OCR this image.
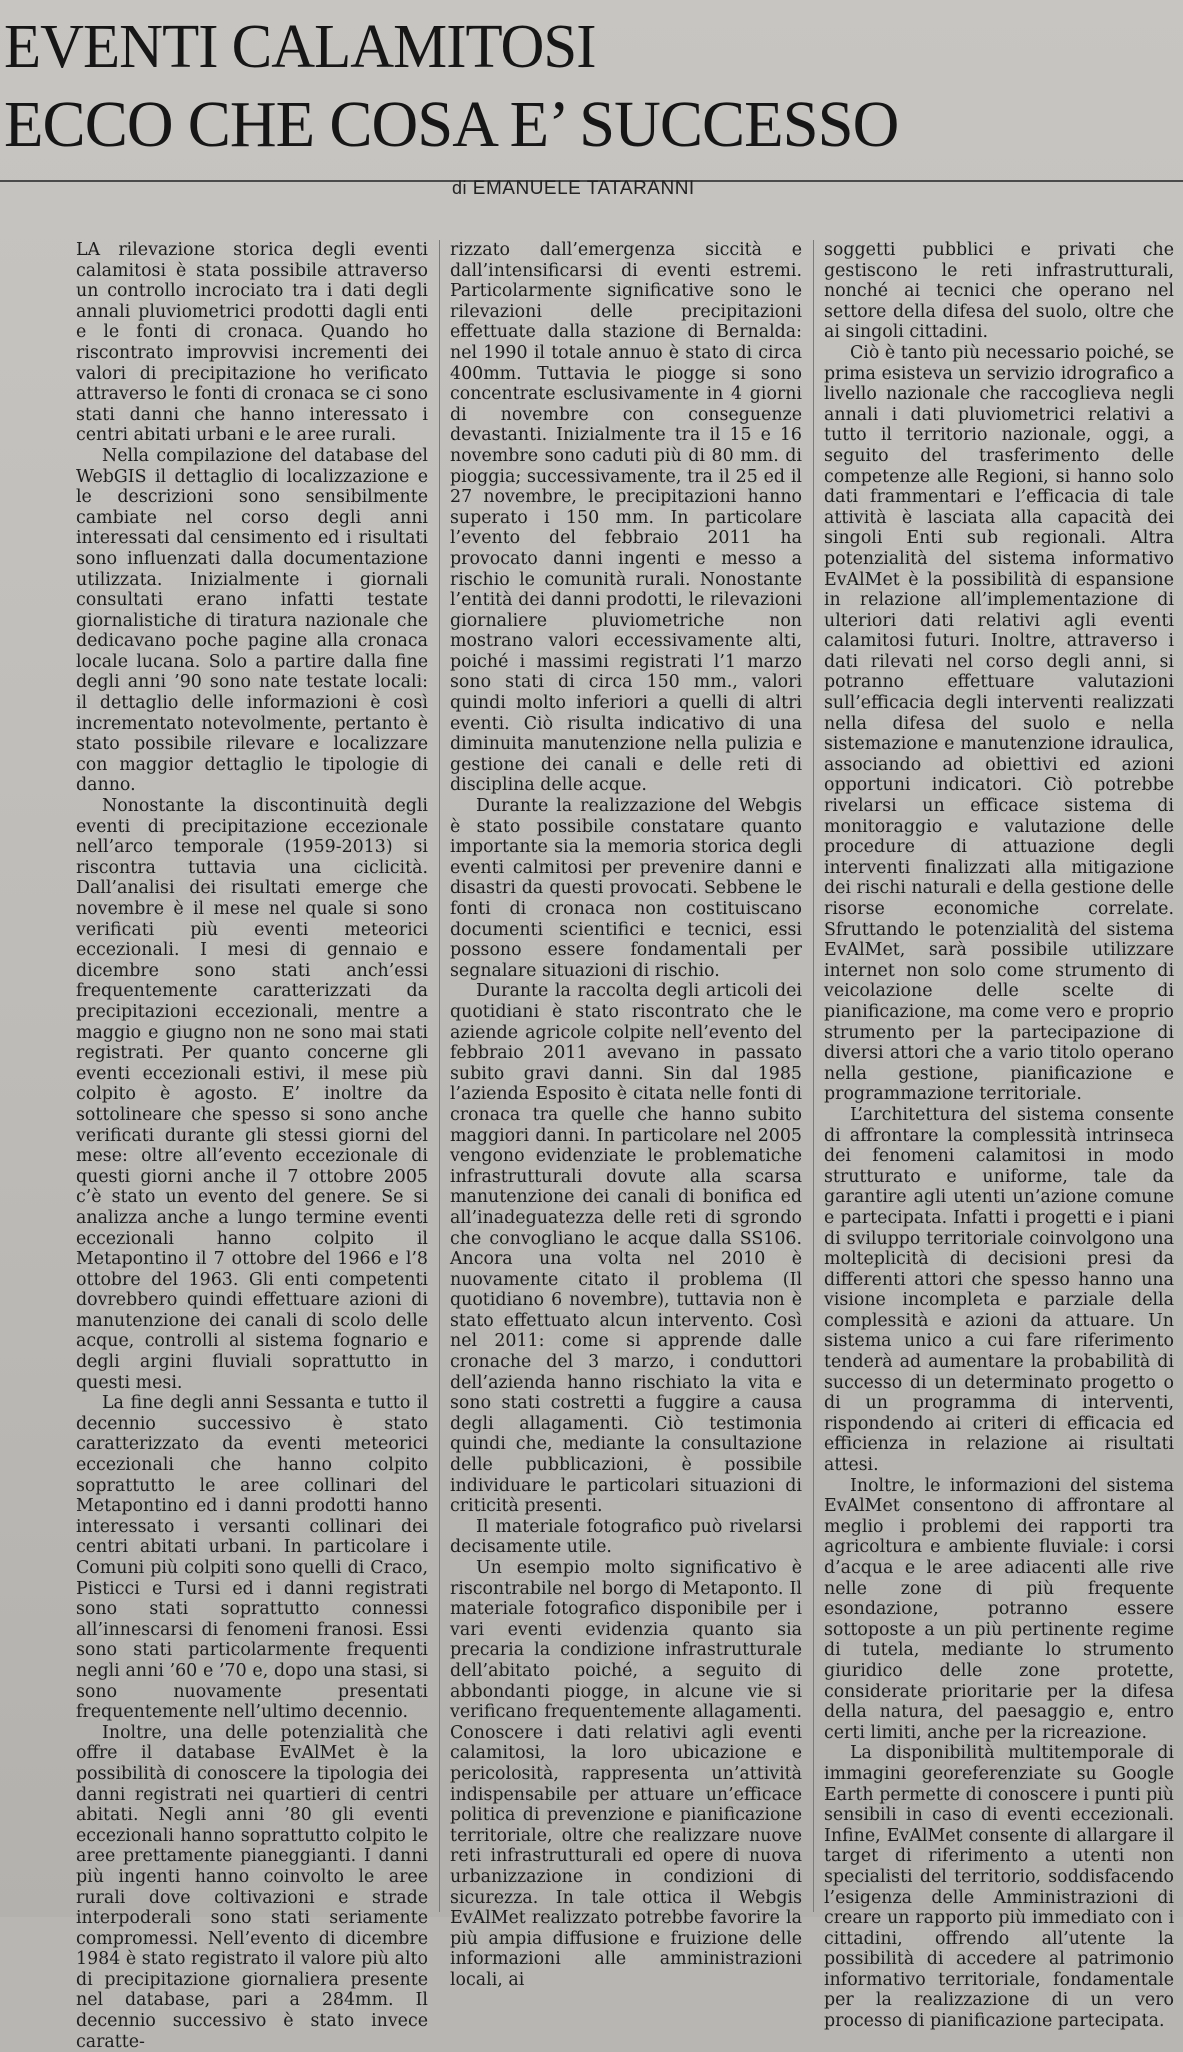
EVENTI CALAMITOSI
ECCO CHE COSA E’ SUCCESSO
di EMANUELE TATARANNI

LA rilevazione storica degli eventi calamitosi è stata possibile attraverso un controllo incrociato tra i dati degli annali pluviometrici prodotti dagli enti e le fonti di cronaca. Quando ho riscontrato improvvisi incrementi dei valori di precipitazione ho verificato attraverso le fonti di cronaca se ci sono stati danni che hanno interessato i centri abitati urbani e le aree rurali.

Nella compilazione del database del WebGIS il dettaglio di localizzazione e le descrizioni sono sensibilmente cambiate nel corso degli anni interessati dal censimento ed i risultati sono influenzati dalla documentazione utilizzata. Inizialmente i giornali consultati erano infatti testate giornalistiche di tiratura nazionale che dedicavano poche pagine alla cronaca locale lucana. Solo a partire dalla fine degli anni ’90 sono nate testate locali: il dettaglio delle informazioni è così incrementato notevolmente, pertanto è stato possibile rilevare e localizzare con maggior dettaglio le tipologie di danno.

Nonostante la discontinuità degli eventi di precipitazione eccezionale nell’arco temporale (1959-2013) si riscontra tuttavia una ciclicità. Dall’analisi dei risultati emerge che novembre è il mese nel quale si sono verificati più eventi meteorici eccezionali. I mesi di gennaio e dicembre sono stati anch’essi frequentemente caratterizzati da precipitazioni eccezionali, mentre a maggio e giugno non ne sono mai stati registrati. Per quanto concerne gli eventi eccezionali estivi, il mese più colpito è agosto. E’ inoltre da sottolineare che spesso si sono anche verificati durante gli stessi giorni del mese: oltre all’evento eccezionale di questi giorni anche il 7 ottobre 2005 c’è stato un evento del genere. Se si analizza anche a lungo termine eventi eccezionali hanno colpito il Metapontino il 7 ottobre del 1966 e l’8 ottobre del 1963. Gli enti competenti dovrebbero quindi effettuare azioni di manutenzione dei canali di scolo delle acque, controlli al sistema fognario e degli argini fluviali soprattutto in questi mesi.

La fine degli anni Sessanta e tutto il decennio successivo è stato caratterizzato da eventi meteorici eccezionali che hanno colpito soprattutto le aree collinari del Metapontino ed i danni prodotti hanno interessato i versanti collinari dei centri abitati urbani. In particolare i Comuni più colpiti sono quelli di Craco, Pisticci e Tursi ed i danni registrati sono stati soprattutto connessi all’innescarsi di fenomeni franosi. Essi sono stati particolarmente frequenti negli anni ’60 e ’70 e, dopo una stasi, si sono nuovamente presentati frequentemente nell’ultimo decennio.

Inoltre, una delle potenzialità che offre il database EvAlMet è la possibilità di conoscere la tipologia dei danni registrati nei quartieri di centri abitati. Negli anni ’80 gli eventi eccezionali hanno soprattutto colpito le aree prettamente pianeggianti. I danni più ingenti hanno coinvolto le aree rurali dove coltivazioni e strade interpoderali sono stati seriamente compromessi. Nell’evento di dicembre 1984 è stato registrato il valore più alto di precipitazione giornaliera presente nel database, pari a 284mm. Il decennio successivo è stato invece caratte-

rizzato dall’emergenza siccità e dall’intensificarsi di eventi estremi. Particolarmente significative sono le rilevazioni delle precipitazioni effettuate dalla stazione di Bernalda: nel 1990 il totale annuo è stato di circa 400mm. Tuttavia le piogge si sono concentrate esclusivamente in 4 giorni di novembre con conseguenze devastanti. Inizialmente tra il 15 e 16 novembre sono caduti più di 80 mm. di pioggia; successivamente, tra il 25 ed il 27 novembre, le precipitazioni hanno superato i 150 mm. In particolare l’evento del febbraio 2011 ha provocato danni ingenti e messo a rischio le comunità rurali. Nonostante l’entità dei danni prodotti, le rilevazioni giornaliere pluviometriche non mostrano valori eccessivamente alti, poiché i massimi registrati l’1 marzo sono stati di circa 150 mm., valori quindi molto inferiori a quelli di altri eventi. Ciò risulta indicativo di una diminuita manutenzione nella pulizia e gestione dei canali e delle reti di disciplina delle acque.

Durante la realizzazione del Webgis è stato possibile constatare quanto importante sia la memoria storica degli eventi calmitosi per prevenire danni e disastri da questi provocati. Sebbene le fonti di cronaca non costituiscano documenti scientifici e tecnici, essi possono essere fondamentali per segnalare situazioni di rischio.

Durante la raccolta degli articoli dei quotidiani è stato riscontrato che le aziende agricole colpite nell’evento del febbraio 2011 avevano in passato subito gravi danni. Sin dal 1985 l’azienda Esposito è citata nelle fonti di cronaca tra quelle che hanno subito maggiori danni. In particolare nel 2005 vengono evidenziate le problematiche infrastrutturali dovute alla scarsa manutenzione dei canali di bonifica ed all’inadeguatezza delle reti di sgrondo che convogliano le acque dalla SS106. Ancora una volta nel 2010 è nuovamente citato il problema (Il quotidiano 6 novembre), tuttavia non è stato effettuato alcun intervento. Così nel 2011: come si apprende dalle cronache del 3 marzo, i conduttori dell’azienda hanno rischiato la vita e sono stati costretti a fuggire a causa degli allagamenti. Ciò testimonia quindi che, mediante la consultazione delle pubblicazioni, è possibile individuare le particolari situazioni di criticità presenti.

Il materiale fotografico può rivelarsi decisamente utile.

Un esempio molto significativo è riscontrabile nel borgo di Metaponto. Il materiale fotografico disponibile per i vari eventi evidenzia quanto sia precaria la condizione infrastrutturale dell’abitato poiché, a seguito di abbondanti piogge, in alcune vie si verificano frequentemente allagamenti. Conoscere i dati relativi agli eventi calamitosi, la loro ubicazione e pericolosità, rappresenta un’attività indispensabile per attuare un’efficace politica di prevenzione e pianificazione territoriale, oltre che realizzare nuove reti infrastrutturali ed opere di nuova urbanizzazione in condizioni di sicurezza. In tale ottica il Webgis EvAlMet realizzato potrebbe favorire la più ampia diffusione e fruizione delle informazioni alle amministrazioni locali, ai

soggetti pubblici e privati che gestiscono le reti infrastrutturali, nonché ai tecnici che operano nel settore della difesa del suolo, oltre che ai singoli cittadini.

Ciò è tanto più necessario poiché, se prima esisteva un servizio idrografico a livello nazionale che raccoglieva negli annali i dati pluviometrici relativi a tutto il territorio nazionale, oggi, a seguito del trasferimento delle competenze alle Regioni, si hanno solo dati frammentari e l’efficacia di tale attività è lasciata alla capacità dei singoli Enti sub regionali. Altra potenzialità del sistema informativo EvAlMet è la possibilità di espansione in relazione all’implementazione di ulteriori dati relativi agli eventi calamitosi futuri. Inoltre, attraverso i dati rilevati nel corso degli anni, si potranno effettuare valutazioni sull’efficacia degli interventi realizzati nella difesa del suolo e nella sistemazione e manutenzione idraulica, associando ad obiettivi ed azioni opportuni indicatori. Ciò potrebbe rivelarsi un efficace sistema di monitoraggio e valutazione delle procedure di attuazione degli interventi finalizzati alla mitigazione dei rischi naturali e della gestione delle risorse economiche correlate. Sfruttando le potenzialità del sistema EvAlMet, sarà possibile utilizzare internet non solo come strumento di veicolazione delle scelte di pianificazione, ma come vero e proprio strumento per la partecipazione di diversi attori che a vario titolo operano nella gestione, pianificazione e programmazione territoriale.

L’architettura del sistema consente di affrontare la complessità intrinseca dei fenomeni calamitosi in modo strutturato e uniforme, tale da garantire agli utenti un’azione comune e partecipata. Infatti i progetti e i piani di sviluppo territoriale coinvolgono una molteplicità di decisioni presi da differenti attori che spesso hanno una visione incompleta e parziale della complessità e azioni da attuare. Un sistema unico a cui fare riferimento tenderà ad aumentare la probabilità di successo di un determinato progetto o di un programma di interventi, rispondendo ai criteri di efficacia ed efficienza in relazione ai risultati attesi.

Inoltre, le informazioni del sistema EvAlMet consentono di affrontare al meglio i problemi dei rapporti tra agricoltura e ambiente fluviale: i corsi d’acqua e le aree adiacenti alle rive nelle zone di più frequente esondazione, potranno essere sottoposte a un più pertinente regime di tutela, mediante lo strumento giuridico delle zone protette, considerate prioritarie per la difesa della natura, del paesaggio e, entro certi limiti, anche per la ricreazione.

La disponibilità multitemporale di immagini georeferenziate su Google Earth permette di conoscere i punti più sensibili in caso di eventi eccezionali. Infine, EvAlMet consente di allargare il target di riferimento a utenti non specialisti del territorio, soddisfacendo l’esigenza delle Amministrazioni di creare un rapporto più immediato con i cittadini, offrendo all’utente la possibilità di accedere al patrimonio informativo territoriale, fondamentale per la realizzazione di un vero processo di pianificazione partecipata.
